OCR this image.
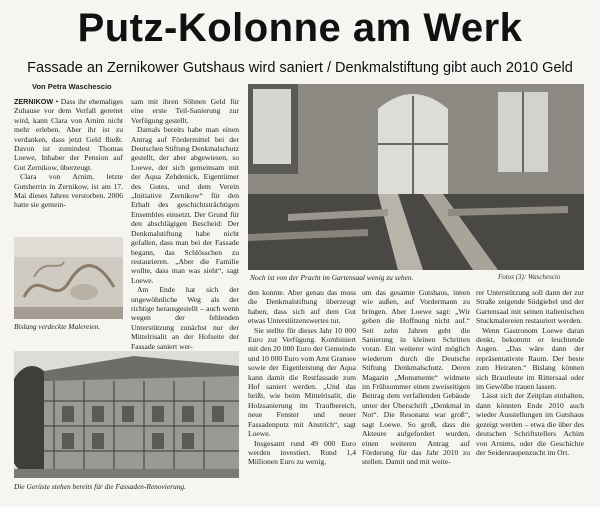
Putz-Kolonne am Werk
Fassade an Zernikower Gutshaus wird saniert / Denkmalstiftung gibt auch 2010 Geld
Von Petra Waschescio

ZERNIKOW • Dass ihr ehemaliges Zuhause vor dem Verfall gerettet wird, kann Clara von Arnim nicht mehr erleben. Aber ihr ist zu verdanken, dass jetzt Geld fließt. Davon ist zumindest Thomas Loewe, Inhaber der Pension auf Gut Zernikow, überzeugt.

Clara von Arnim, letzte Gutsherrin in Zernikow, ist am 17. Mai dieses Jahres verstorben. 2006 hatte sie gemein-

Bislang verdeckte Malereien.

sam mit ihren Söhnen Geld für eine erste Teil-Sanierung zur Verfügung gestellt.

Damals bereits habe man einen Antrag auf Fördermittel bei der Deutschen Stiftung Denkmalschutz gestellt, der aber abgewiesen, so Loewe, der sich gemeinsam mit der Aqua Zehdenick, Eigentümer des Gutes, und dem Verein „Initiative Zernikow“ für den Erhalt des geschichtsträchtigen Ensembles einsetzt. Der Grund für den abschlägigen Bescheid: Der Denkmalstiftung habe nicht gefallen, dass man bei der Fassade begann, das Schlösschen zu restaurieren. „Aber die Familie wollte, dass man was sieht“, sagt Loewe.

Am Ende hat sich der ungewöhnliche Weg als der richtige herausgestellt – auch wenn wegen der fehlenden Unterstützung zunächst nur der Mittelrisalit an der Hofseite der Fassade saniert wer-

Noch ist von der Pracht im Gartensaal wenig zu sehen.	Fotos (3): Waschescio

den konnte. Aber genau das muss die Denkmalstiftung überzeugt haben, dass sich auf dem Gut etwas Unterstützenswertes tut.

Sie stellte für dieses Jahr 10 000 Euro zur Verfügung. Kombiniert mit den 20 000 Euro der Gemeinde und 10 000 Euro vom Amt Gransee sowie der Eigenleistung der Aqua kann damit die Restfassade zum Hof saniert werden. „Und das heißt, wie beim Mittelrisalit, die Holzsanierung im Traufbereich, neue Fenster und neuer Fassadenputz mit Anstrich“, sagt Loewe.

Insgesamt rund 49 000 Euro werden investiert. Rund 1,4 Millionen Euro zu wenig,

um das gesamte Gutshaus, innen wie außen, auf Vordermann zu bringen. Aber Loewe sagt: „Wir geben die Hoffnung nicht auf.“ Seit zehn Jahren geht die Sanierung in kleinen Schritten voran. Ein weiterer wird möglich wiederum durch die Deutsche Stiftung Denkmalschutz. Deren Magazin „Monumente“ widmete im Frühsommer einen zweiseitigen Beitrag dem verfallenden Gebäude unter der Überschrift „Denkmal in Not“. Die Resonanz war groß“, sagt Loewe. So groß, dass die Akteure aufgefordert wurden, einen weiteren Antrag auf Förderung für das Jahr 2010 zu stellen. Damit und mit weite-

rer Unterstützung soll dann der zur Straße zeigende Südgiebel und der Gartensaal mit seinen italienischen Stuckmalereien restauriert werden.

Wenn Gastronom Loewe daran denkt, bekommt er leuchtende Augen. „Das wäre dann der repräsentativste Raum. Der beste zum Heiraten.“ Bislang können sich Brautleute im Rittersaal oder im Gewölbe trauen lassen.

Lässt sich der Zeitplan einhalten, dann könnten Ende 2010 auch wieder Ausstellungen im Gutshaus gezeigt werden – etwa die über des deutschen Schriftstellers Achim von Arnims, oder die Geschichte der Seidenraupenzucht im Ort.

Die Gerüste stehen bereits für die Fassaden-Renovierung.
